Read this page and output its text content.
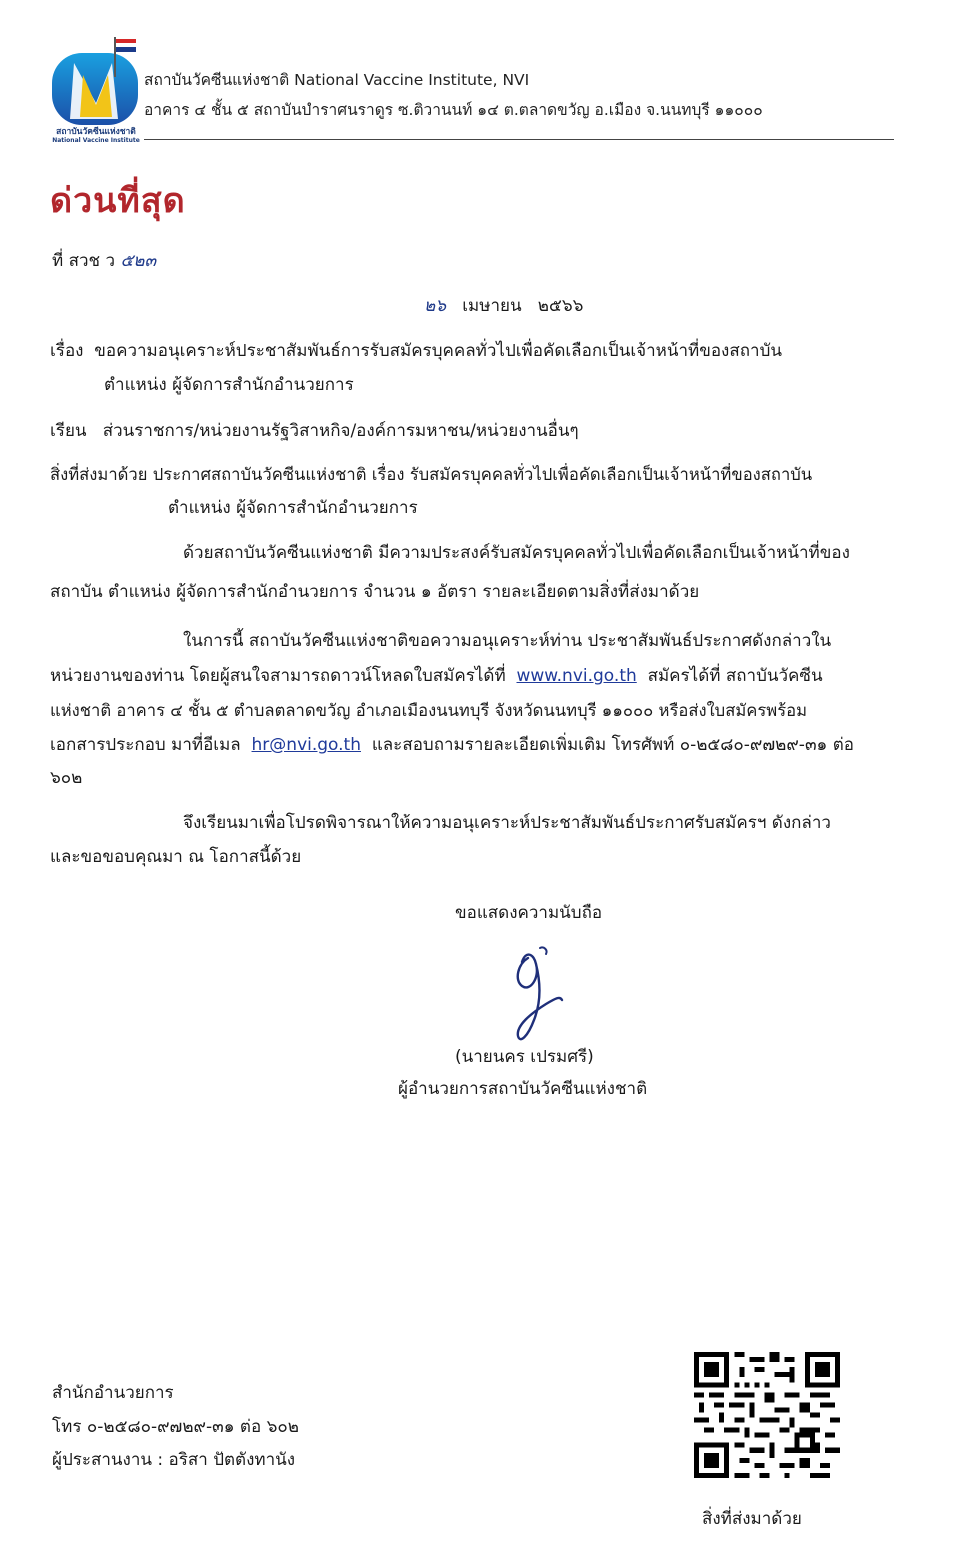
สถาบันวัคซีนแห่งชาติ
National Vaccine Institute

สถาบันวัคซีนแห่งชาติ National Vaccine Institute, NVI

อาคาร ๔ ชั้น ๕ สถาบันบำราศนราดูร ซ.ติวานนท์ ๑๔ ต.ตลาดขวัญ อ.เมือง จ.นนทบุรี ๑๑๐๐๐

ด่วนที่สุด

ที่ สวช ว ๕๒๓

๒๖ เมษายน ๒๕๖๖

เรื่อง ขอความอนุเคราะห์ประชาสัมพันธ์การรับสมัครบุคคลทั่วไปเพื่อคัดเลือกเป็นเจ้าหน้าที่ของสถาบัน

ตำแหน่ง ผู้จัดการสำนักอำนวยการ

เรียน ส่วนราชการ/หน่วยงานรัฐวิสาหกิจ/องค์การมหาชน/หน่วยงานอื่นๆ

สิ่งที่ส่งมาด้วย ประกาศสถาบันวัคซีนแห่งชาติ เรื่อง รับสมัครบุคคลทั่วไปเพื่อคัดเลือกเป็นเจ้าหน้าที่ของสถาบัน

ตำแหน่ง ผู้จัดการสำนักอำนวยการ

ด้วยสถาบันวัคซีนแห่งชาติ มีความประสงค์รับสมัครบุคคลทั่วไปเพื่อคัดเลือกเป็นเจ้าหน้าที่ของ

สถาบัน ตำแหน่ง ผู้จัดการสำนักอำนวยการ จำนวน ๑ อัตรา รายละเอียดตามสิ่งที่ส่งมาด้วย

ในการนี้ สถาบันวัคซีนแห่งชาติขอความอนุเคราะห์ท่าน ประชาสัมพันธ์ประกาศดังกล่าวใน

หน่วยงานของท่าน โดยผู้สนใจสามารถดาวน์โหลดใบสมัครได้ที่ www.nvi.go.th สมัครได้ที่ สถาบันวัคซีน

แห่งชาติ อาคาร ๔ ชั้น ๕ ตำบลตลาดขวัญ อำเภอเมืองนนทบุรี จังหวัดนนทบุรี ๑๑๐๐๐ หรือส่งใบสมัครพร้อม

เอกสารประกอบ มาที่อีเมล hr@nvi.go.th และสอบถามรายละเอียดเพิ่มเติม โทรศัพท์ ๐-๒๕๘๐-๙๗๒๙-๓๑ ต่อ

๖๐๒

จึงเรียนมาเพื่อโปรดพิจารณาให้ความอนุเคราะห์ประชาสัมพันธ์ประกาศรับสมัครฯ ดังกล่าว

และขอขอบคุณมา ณ โอกาสนี้ด้วย

ขอแสดงความนับถือ

(นายนคร เปรมศรี)

ผู้อำนวยการสถาบันวัคซีนแห่งชาติ

สำนักอำนวยการ

โทร ๐-๒๕๘๐-๙๗๒๙-๓๑ ต่อ ๖๐๒

ผู้ประสานงาน : อริสา ปัตตังทานัง

สิ่งที่ส่งมาด้วย
